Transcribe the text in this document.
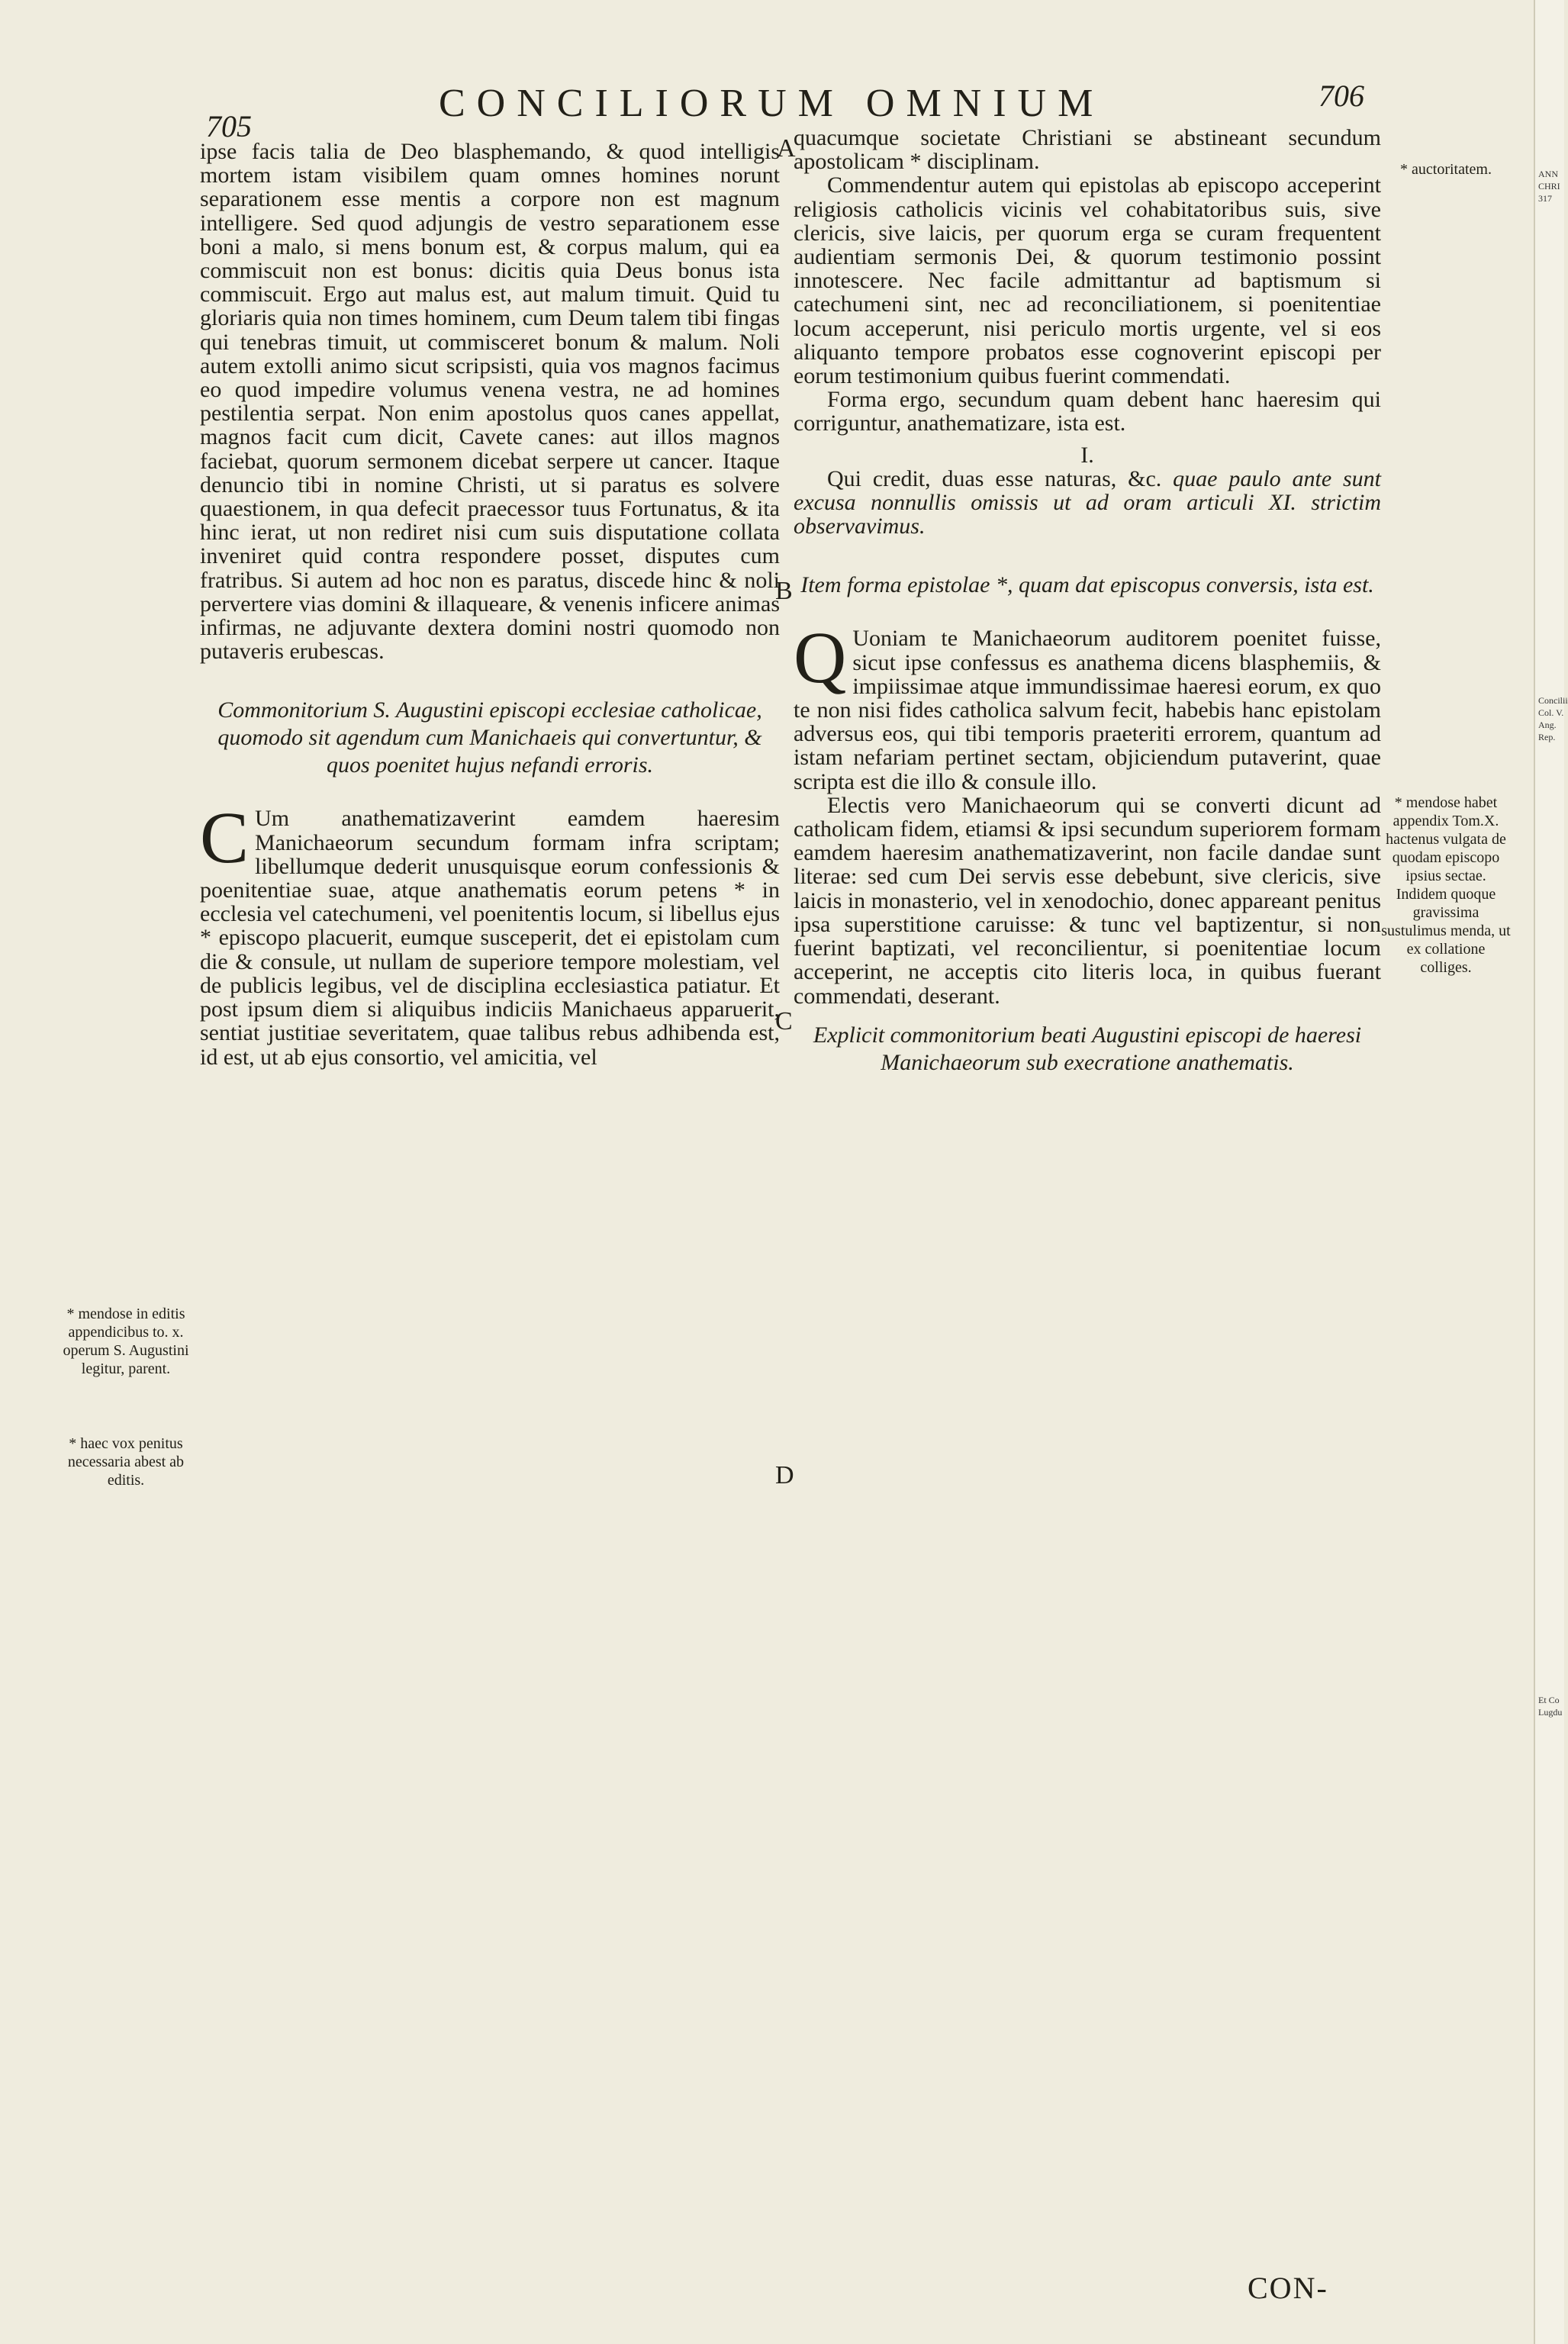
705
CONCILIORUM OMNIUM	706

ipse facis talia de Deo blasphemando, & quod intelligis mortem istam visibilem quam omnes homines norunt separationem esse mentis a corpore non est magnum intelligere. Sed quod adjungis de vestro separationem esse boni a malo, si mens bonum est, & corpus malum, qui ea commiscuit non est bonus: dicitis quia Deus bonus ista commiscuit. Ergo aut malus est, aut malum timuit. Quid tu gloriaris quia non times hominem, cum Deum talem tibi fingas qui tenebras timuit, ut commisceret bonum & malum. Noli autem extolli animo sicut scripsisti, quia vos magnos facimus eo quod impedire volumus venena vestra, ne ad homines pestilentia serpat. Non enim apostolus quos canes appellat, magnos facit cum dicit, Cavete canes: aut illos magnos faciebat, quorum sermonem dicebat serpere ut cancer. Itaque denuncio tibi in nomine Christi, ut si paratus es solvere quaestionem, in qua defecit praecessor tuus Fortunatus, & ita hinc ierat, ut non rediret nisi cum suis disputatione collata inveniret quid contra respondere posset, disputes cum fratribus. Si autem ad hoc non es paratus, discede hinc & noli pervertere vias domini & illaqueare, & venenis inficere animas infirmas, ne adjuvante dextera domini nostri quomodo non putaveris erubescas.

Commonitorium S. Augustini episcopi ecclesiae catholicae, quomodo sit agendum cum Manichaeis qui convertuntur, & quos poenitet hujus nefandi erroris.
C Um anathematizaverint eamdem haeresim Manichaeorum secundum formam infra scriptam; libellumque dederit unusquisque eorum confessionis & poenitentiae suae, atque anathematis eorum petens * in ecclesia vel catechumeni, vel poenitentis locum, si libellus ejus * episcopo placuerit, eumque susceperit, det ei epistolam cum die & consule, ut nullam de superiore tempore molestiam, vel de publicis legibus, vel de disciplina ecclesiastica patiatur. Et post ipsum diem si aliquibus indiciis Manichaeus apparuerit, sentiat justitiae severitatem, quae talibus rebus adhibenda est, id est, ut ab ejus consortio, vel amicitia, vel

quacumque societate Christiani se abstineant secundum apostolicam * disciplinam.

Commendentur autem qui epistolas ab episcopo acceperint religiosis catholicis vicinis vel cohabitatoribus suis, sive clericis, sive laicis, per quorum erga se curam frequentent audientiam sermonis Dei, & quorum testimonio possint innotescere. Nec facile admittantur ad baptismum si catechumeni sint, nec ad reconciliationem, si poenitentiae locum acceperunt, nisi periculo mortis urgente, vel si eos aliquanto tempore probatos esse cognoverint episcopi per eorum testimonium quibus fuerint commendati.

Forma ergo, secundum quam debent hanc haeresim qui corriguntur, anathematizare, ista est.

I.

Qui credit, duas esse naturas, &c. quae paulo ante sunt excusa nonnullis omissis ut ad oram articuli XI. strictim observavimus.

Item forma epistolae *, quam dat episcopus conversis, ista est.
Q Uoniam te Manichaeorum auditorem poenitet fuisse, sicut ipse confessus es anathema dicens blasphemiis, & impiissimae atque immundissimae haeresi eorum, ex quo te non nisi fides catholica salvum fecit, habebis hanc epistolam adversus eos, qui tibi temporis praeteriti errorem, quantum ad istam nefariam pertinet sectam, objiciendum putaverint, quae scripta est die illo & consule illo.

Electis vero Manichaeorum qui se converti dicunt ad catholicam fidem, etiamsi & ipsi secundum superiorem formam eamdem haeresim anathematizaverint, non facile dandae sunt literae: sed cum Dei servis esse debebunt, sive clericis, sive laicis in monasterio, vel in xenodochio, donec appareant penitus ipsa superstitione caruisse: & tunc vel baptizentur, si non fuerint baptizati, vel reconcilientur, si poenitentiae locum acceperint, ne acceptis cito literis loca, in quibus fuerant commendati, deserant.

Explicit commonitorium beati Augustini episcopi de haeresi Manichaeorum sub execratione anathematis.
A
B
C
D
* auctoritatem.
* mendose habet appendix Tom.X. hactenus vulgata de quodam episcopo ipsius sectae. Indidem quoque gravissima sustulimus menda, ut ex collatione colliges.
* mendose in editis appendicibus to. x. operum S. Augustini legitur, parent.
* haec vox penitus necessaria abest ab editis.
CON-
ANN CHRI 317
Concilii Col. V. Ang. Rep.
Et Co Lugdu
